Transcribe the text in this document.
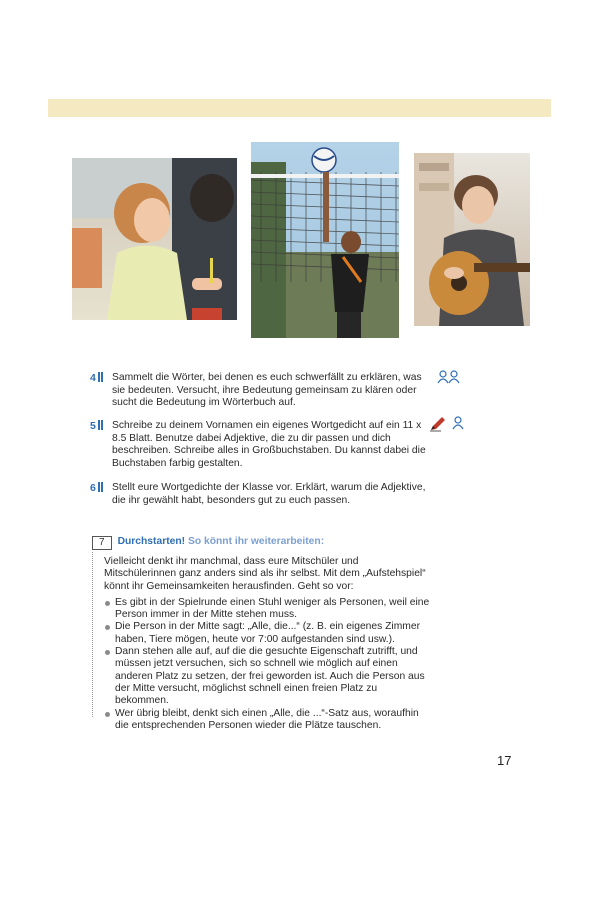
4	Sammelt die Wörter, bei denen es euch schwerfällt zu erklären, was sie bedeuten. Versucht, ihre Bedeutung gemeinsam zu klären oder sucht die Bedeutung im Wörterbuch auf.

5	Schreibe zu deinem Vornamen ein eigenes Wortgedicht auf ein 11 x 8.5 Blatt. Benutze dabei Adjektive, die zu dir passen und dich beschreiben. Schreibe alles in Großbuchstaben. Du kannst dabei die Buchstaben farbig gestalten.

6	Stellt eure Wortgedichte der Klasse vor. Erklärt, warum die Adjektive, die ihr gewählt habt, besonders gut zu euch passen.

7 Durchstarten! So könnt ihr weiterarbeiten:

Vielleicht denkt ihr manchmal, dass eure Mitschüler und Mitschülerinnen ganz anders sind als ihr selbst. Mit dem „Aufstehspiel“ könnt ihr Gemeinsamkeiten herausfinden. Geht so vor:

Es gibt in der Spielrunde einen Stuhl weniger als Personen, weil eine Person immer in der Mitte stehen muss.
Die Person in der Mitte sagt: „Alle, die...“ (z. B. ein eigenes Zimmer haben, Tiere mögen, heute vor 7:00 aufgestanden sind usw.).
Dann stehen alle auf, auf die die gesuchte Eigenschaft zutrifft, und müssen jetzt versuchen, sich so schnell wie möglich auf einen anderen Platz zu setzen, der frei geworden ist. Auch die Person aus der Mitte versucht, möglichst schnell einen freien Platz zu bekommen.
Wer übrig bleibt, denkt sich einen „Alle, die ...“-Satz aus, woraufhin die entsprechenden Personen wieder die Plätze tauschen.
17
